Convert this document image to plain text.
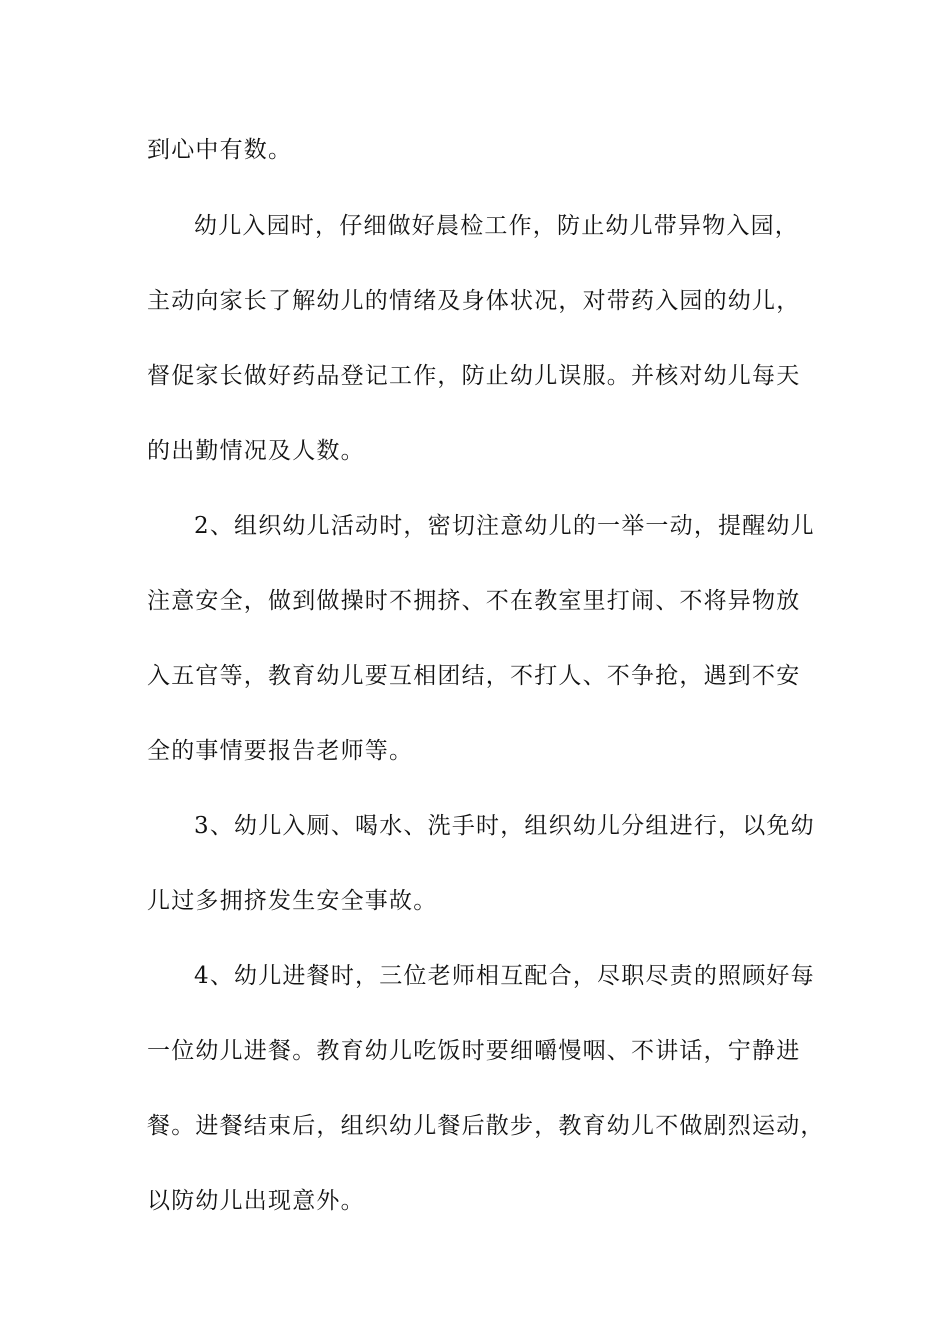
到心中有数。

幼儿入园时，仔细做好晨检工作，防止幼儿带异物入园，

主动向家长了解幼儿的情绪及身体状况，对带药入园的幼儿，

督促家长做好药品登记工作，防止幼儿误服。并核对幼儿每天

的出勤情况及人数。

2、组织幼儿活动时，密切注意幼儿的一举一动，提醒幼儿

注意安全，做到做操时不拥挤、不在教室里打闹、不将异物放

入五官等，教育幼儿要互相团结，不打人、不争抢，遇到不安

全的事情要报告老师等。

3、幼儿入厕、喝水、洗手时，组织幼儿分组进行，以免幼

儿过多拥挤发生安全事故。

4、幼儿进餐时，三位老师相互配合，尽职尽责的照顾好每

一位幼儿进餐。教育幼儿吃饭时要细嚼慢咽、不讲话，宁静进

餐。进餐结束后，组织幼儿餐后散步，教育幼儿不做剧烈运动，

以防幼儿出现意外。
